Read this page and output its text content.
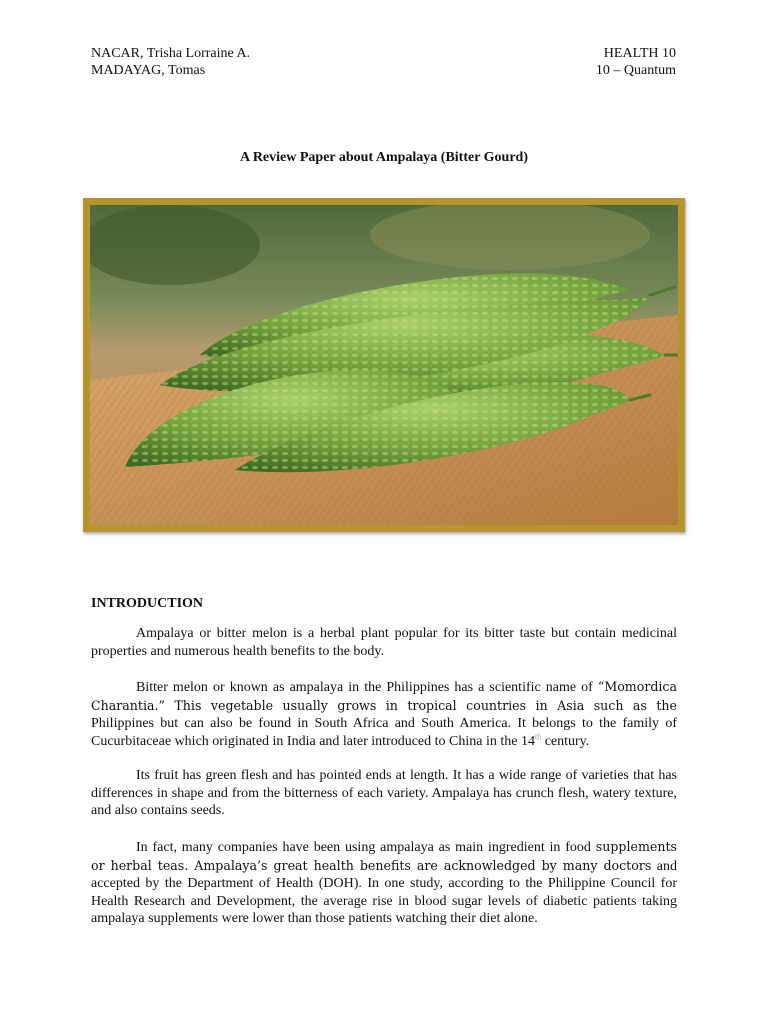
NACAR, Trisha Lorraine A.
MADAYAG, Tomas
HEALTH 10
10 – Quantum
A Review Paper about Ampalaya (Bitter Gourd)
INTRODUCTION

Ampalaya or bitter melon is a herbal plant popular for its bitter taste but contain medicinal properties and numerous health benefits to the body.

Bitter melon or known as ampalaya in the Philippines has a scientific name of “Momordica Charantia.” This vegetable usually grows in tropical countries in Asia such as the Philippines but can also be found in South Africa and South America. It belongs to the family of Cucurbitaceae which originated in India and later introduced to China in the 14th century.

Its fruit has green flesh and has pointed ends at length. It has a wide range of varieties that has differences in shape and from the bitterness of each variety. Ampalaya has crunch flesh, watery texture, and also contains seeds.

In fact, many companies have been using ampalaya as main ingredient in food supplements or herbal teas. Ampalaya’s great health benefits are acknowledged by many doctors and accepted by the Department of Health (DOH). In one study, according to the Philippine Council for Health Research and Development, the average rise in blood sugar levels of diabetic patients taking ampalaya supplements were lower than those patients watching their diet alone.
